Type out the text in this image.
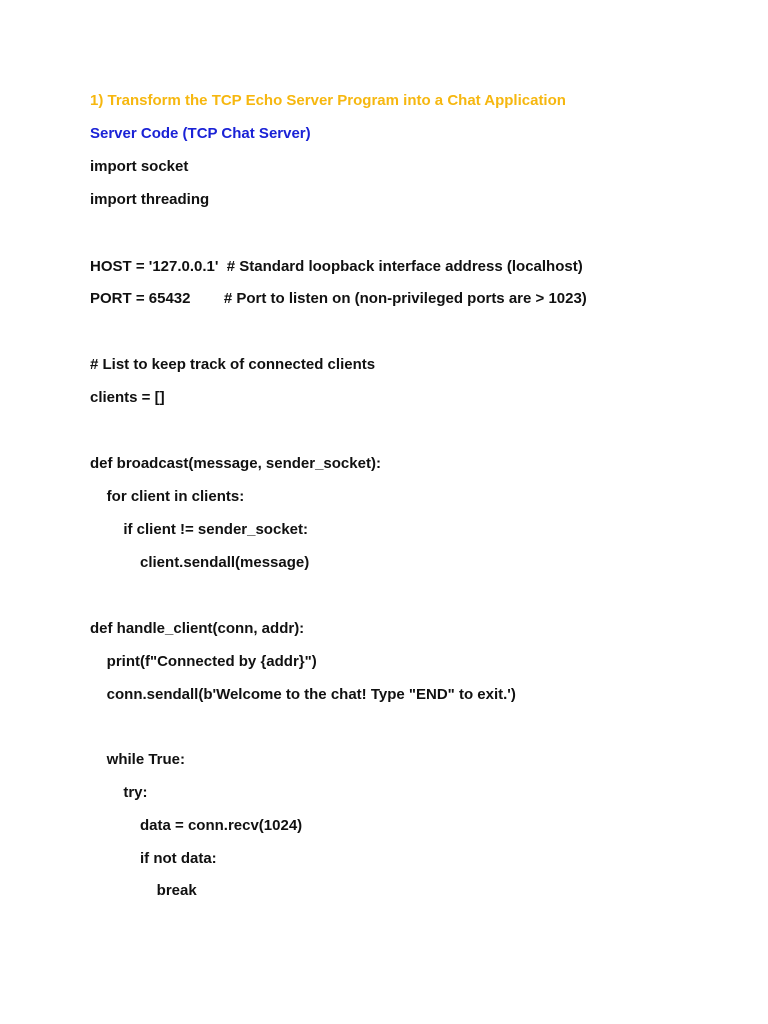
1) Transform the TCP Echo Server Program into a Chat Application
Server Code (TCP Chat Server)
import socket
import threading
HOST = '127.0.0.1'  # Standard loopback interface address (localhost)
PORT = 65432        # Port to listen on (non-privileged ports are > 1023)
# List to keep track of connected clients
clients = []
def broadcast(message, sender_socket):
for client in clients:
if client != sender_socket:
client.sendall(message)
def handle_client(conn, addr):
print(f"Connected by {addr}")
conn.sendall(b'Welcome to the chat! Type "END" to exit.')
while True:
try:
data = conn.recv(1024)
if not data:
break
